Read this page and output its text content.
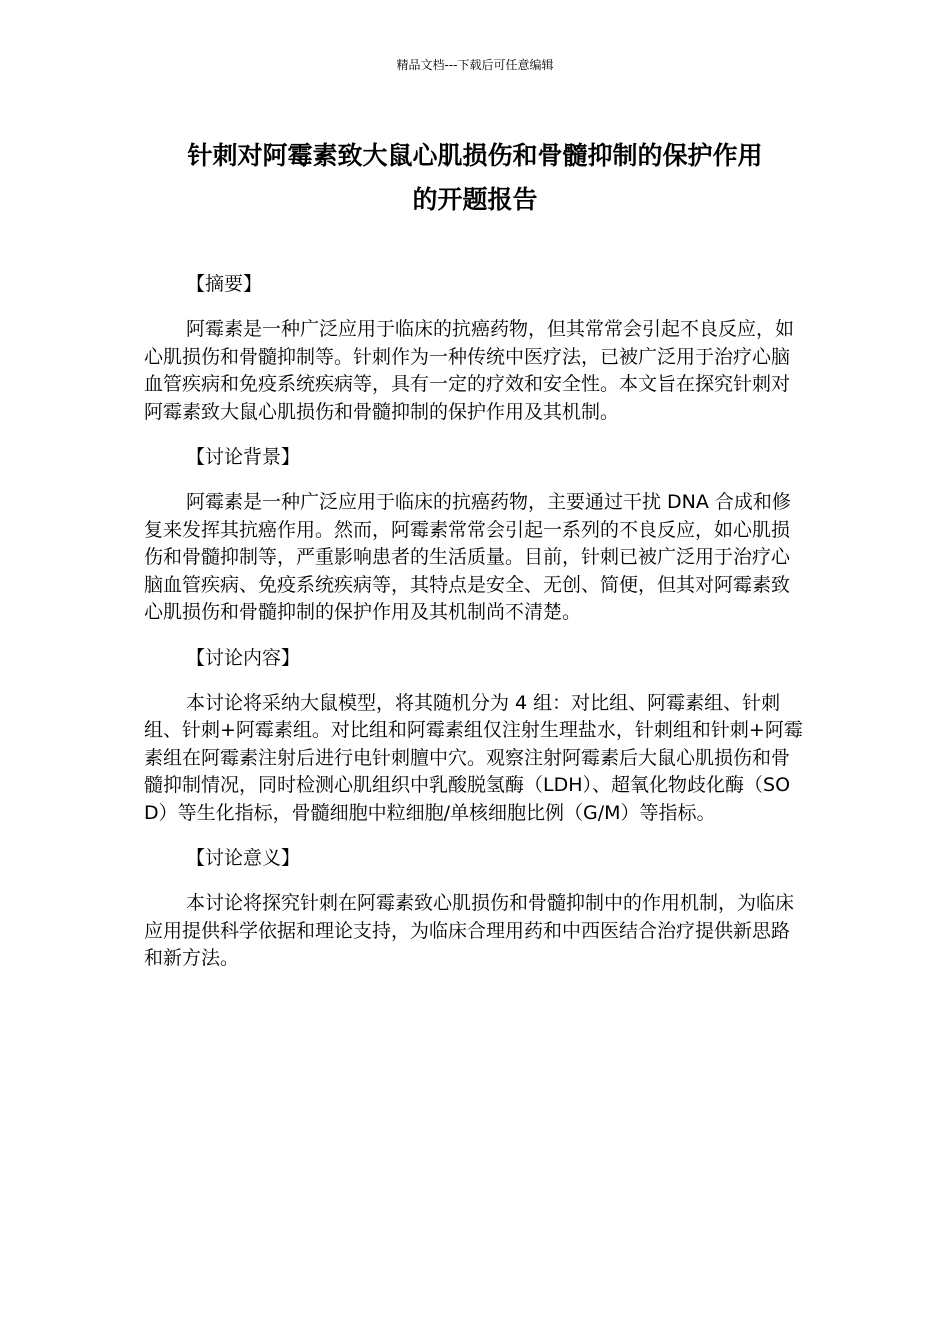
精品文档---下载后可任意编辑
针刺对阿霉素致大鼠心肌损伤和骨髓抑制的保护作用
的开题报告
【摘要】

阿霉素是一种广泛应用于临床的抗癌药物，但其常常会引起不良反应，如心肌损伤和骨髓抑制等。针刺作为一种传统中医疗法，已被广泛用于治疗心脑血管疾病和免疫系统疾病等，具有一定的疗效和安全性。本文旨在探究针刺对阿霉素致大鼠心肌损伤和骨髓抑制的保护作用及其机制。

【讨论背景】

阿霉素是一种广泛应用于临床的抗癌药物，主要通过干扰 DNA 合成和修复来发挥其抗癌作用。然而，阿霉素常常会引起一系列的不良反应，如心肌损伤和骨髓抑制等，严重影响患者的生活质量。目前，针刺已被广泛用于治疗心脑血管疾病、免疫系统疾病等，其特点是安全、无创、简便，但其对阿霉素致心肌损伤和骨髓抑制的保护作用及其机制尚不清楚。

【讨论内容】

本讨论将采纳大鼠模型，将其随机分为 4 组：对比组、阿霉素组、针刺组、针刺+阿霉素组。对比组和阿霉素组仅注射生理盐水，针刺组和针刺+阿霉素组在阿霉素注射后进行电针刺膻中穴。观察注射阿霉素后大鼠心肌损伤和骨髓抑制情况，同时检测心肌组织中乳酸脱氢酶（LDH）、超氧化物歧化酶（SOD）等生化指标，骨髓细胞中粒细胞/单核细胞比例（G/M）等指标。

【讨论意义】

本讨论将探究针刺在阿霉素致心肌损伤和骨髓抑制中的作用机制，为临床应用提供科学依据和理论支持，为临床合理用药和中西医结合治疗提供新思路和新方法。
